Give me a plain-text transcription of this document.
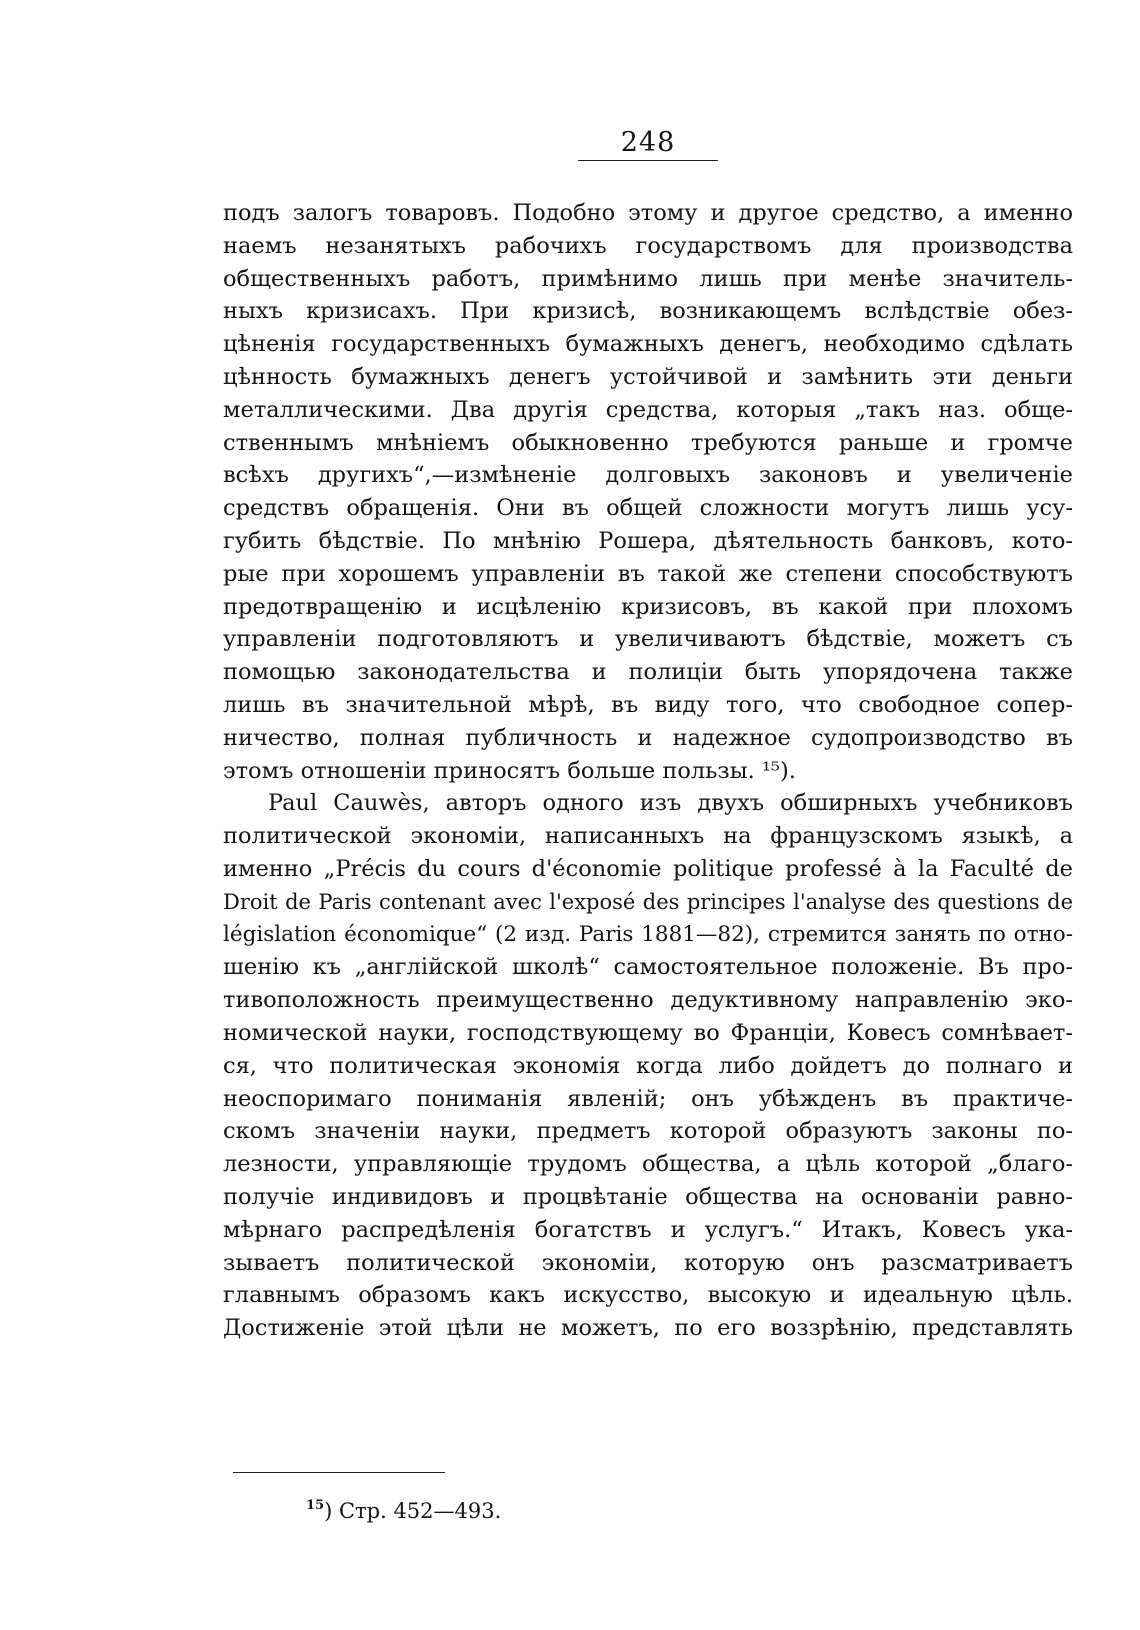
248
подъ залогъ товаровъ. Подобно этому и другое средство, а именно
наемъ незанятыхъ рабочихъ государствомъ для производства
общественныхъ работъ, примѣнимо лишь при менѣе значитель-
ныхъ кризисахъ. При кризисѣ, возникающемъ вслѣдствіе обез-
цѣненія государственныхъ бумажныхъ денегъ, необходимо сдѣлать
цѣнность бумажныхъ денегъ устойчивой и замѣнить эти деньги
металлическими. Два другія средства, которыя „такъ наз. обще-
ственнымъ мнѣніемъ обыкновенно требуются раньше и громче
всѣхъ другихъ“,—измѣненіе долговыхъ законовъ и увеличеніе
средствъ обращенія. Они въ общей сложности могутъ лишь усу-
губить бѣдствіе. По мнѣнію Рошера, дѣятельность банковъ, кото-
рые при хорошемъ управленіи въ такой же степени способствуютъ
предотвращенію и исцѣленію кризисовъ, въ какой при плохомъ
управленіи подготовляютъ и увеличиваютъ бѣдствіе, можетъ съ
помощью законодательства и полиціи быть упорядочена также
лишь въ значительной мѣрѣ, въ виду того, что свободное сопер-
ничество, полная публичность и надежное судопроизводство въ
этомъ отношеніи приносятъ больше пользы. ¹⁵).
Paul Cauwès, авторъ одного изъ двухъ обширныхъ учебниковъ
политической экономіи, написанныхъ на французскомъ языкѣ, а
именно „Précis du cours d'économie politique professé à la Faculté de
Droit de Paris contenant avec l'exposé des principes l'analyse des questions de
législation économique“ (2 изд. Paris 1881—82), стремится занять по отно-
шенію къ „англійской школѣ“ самостоятельное положеніе. Въ про-
тивоположность преимущественно дедуктивному направленію эко-
номической науки, господствующему во Франціи, Ковесъ сомнѣвает-
ся, что политическая экономія когда либо дойдетъ до полнаго и
неоспоримаго пониманія явленій; онъ убѣжденъ въ практиче-
скомъ значеніи науки, предметъ которой образуютъ законы по-
лезности, управляющіе трудомъ общества, а цѣль которой „благо-
получіе индивидовъ и процвѣтаніе общества на основаніи равно-
мѣрнаго распредѣленія богатствъ и услугъ.“ Итакъ, Ковесъ ука-
зываетъ политической экономіи, которую онъ разсматриваетъ
главнымъ образомъ какъ искусство, высокую и идеальную цѣль.
Достиженіе этой цѣли не можетъ, по его воззрѣнію, представлять
$^{15}$) Стр. 452—493.
